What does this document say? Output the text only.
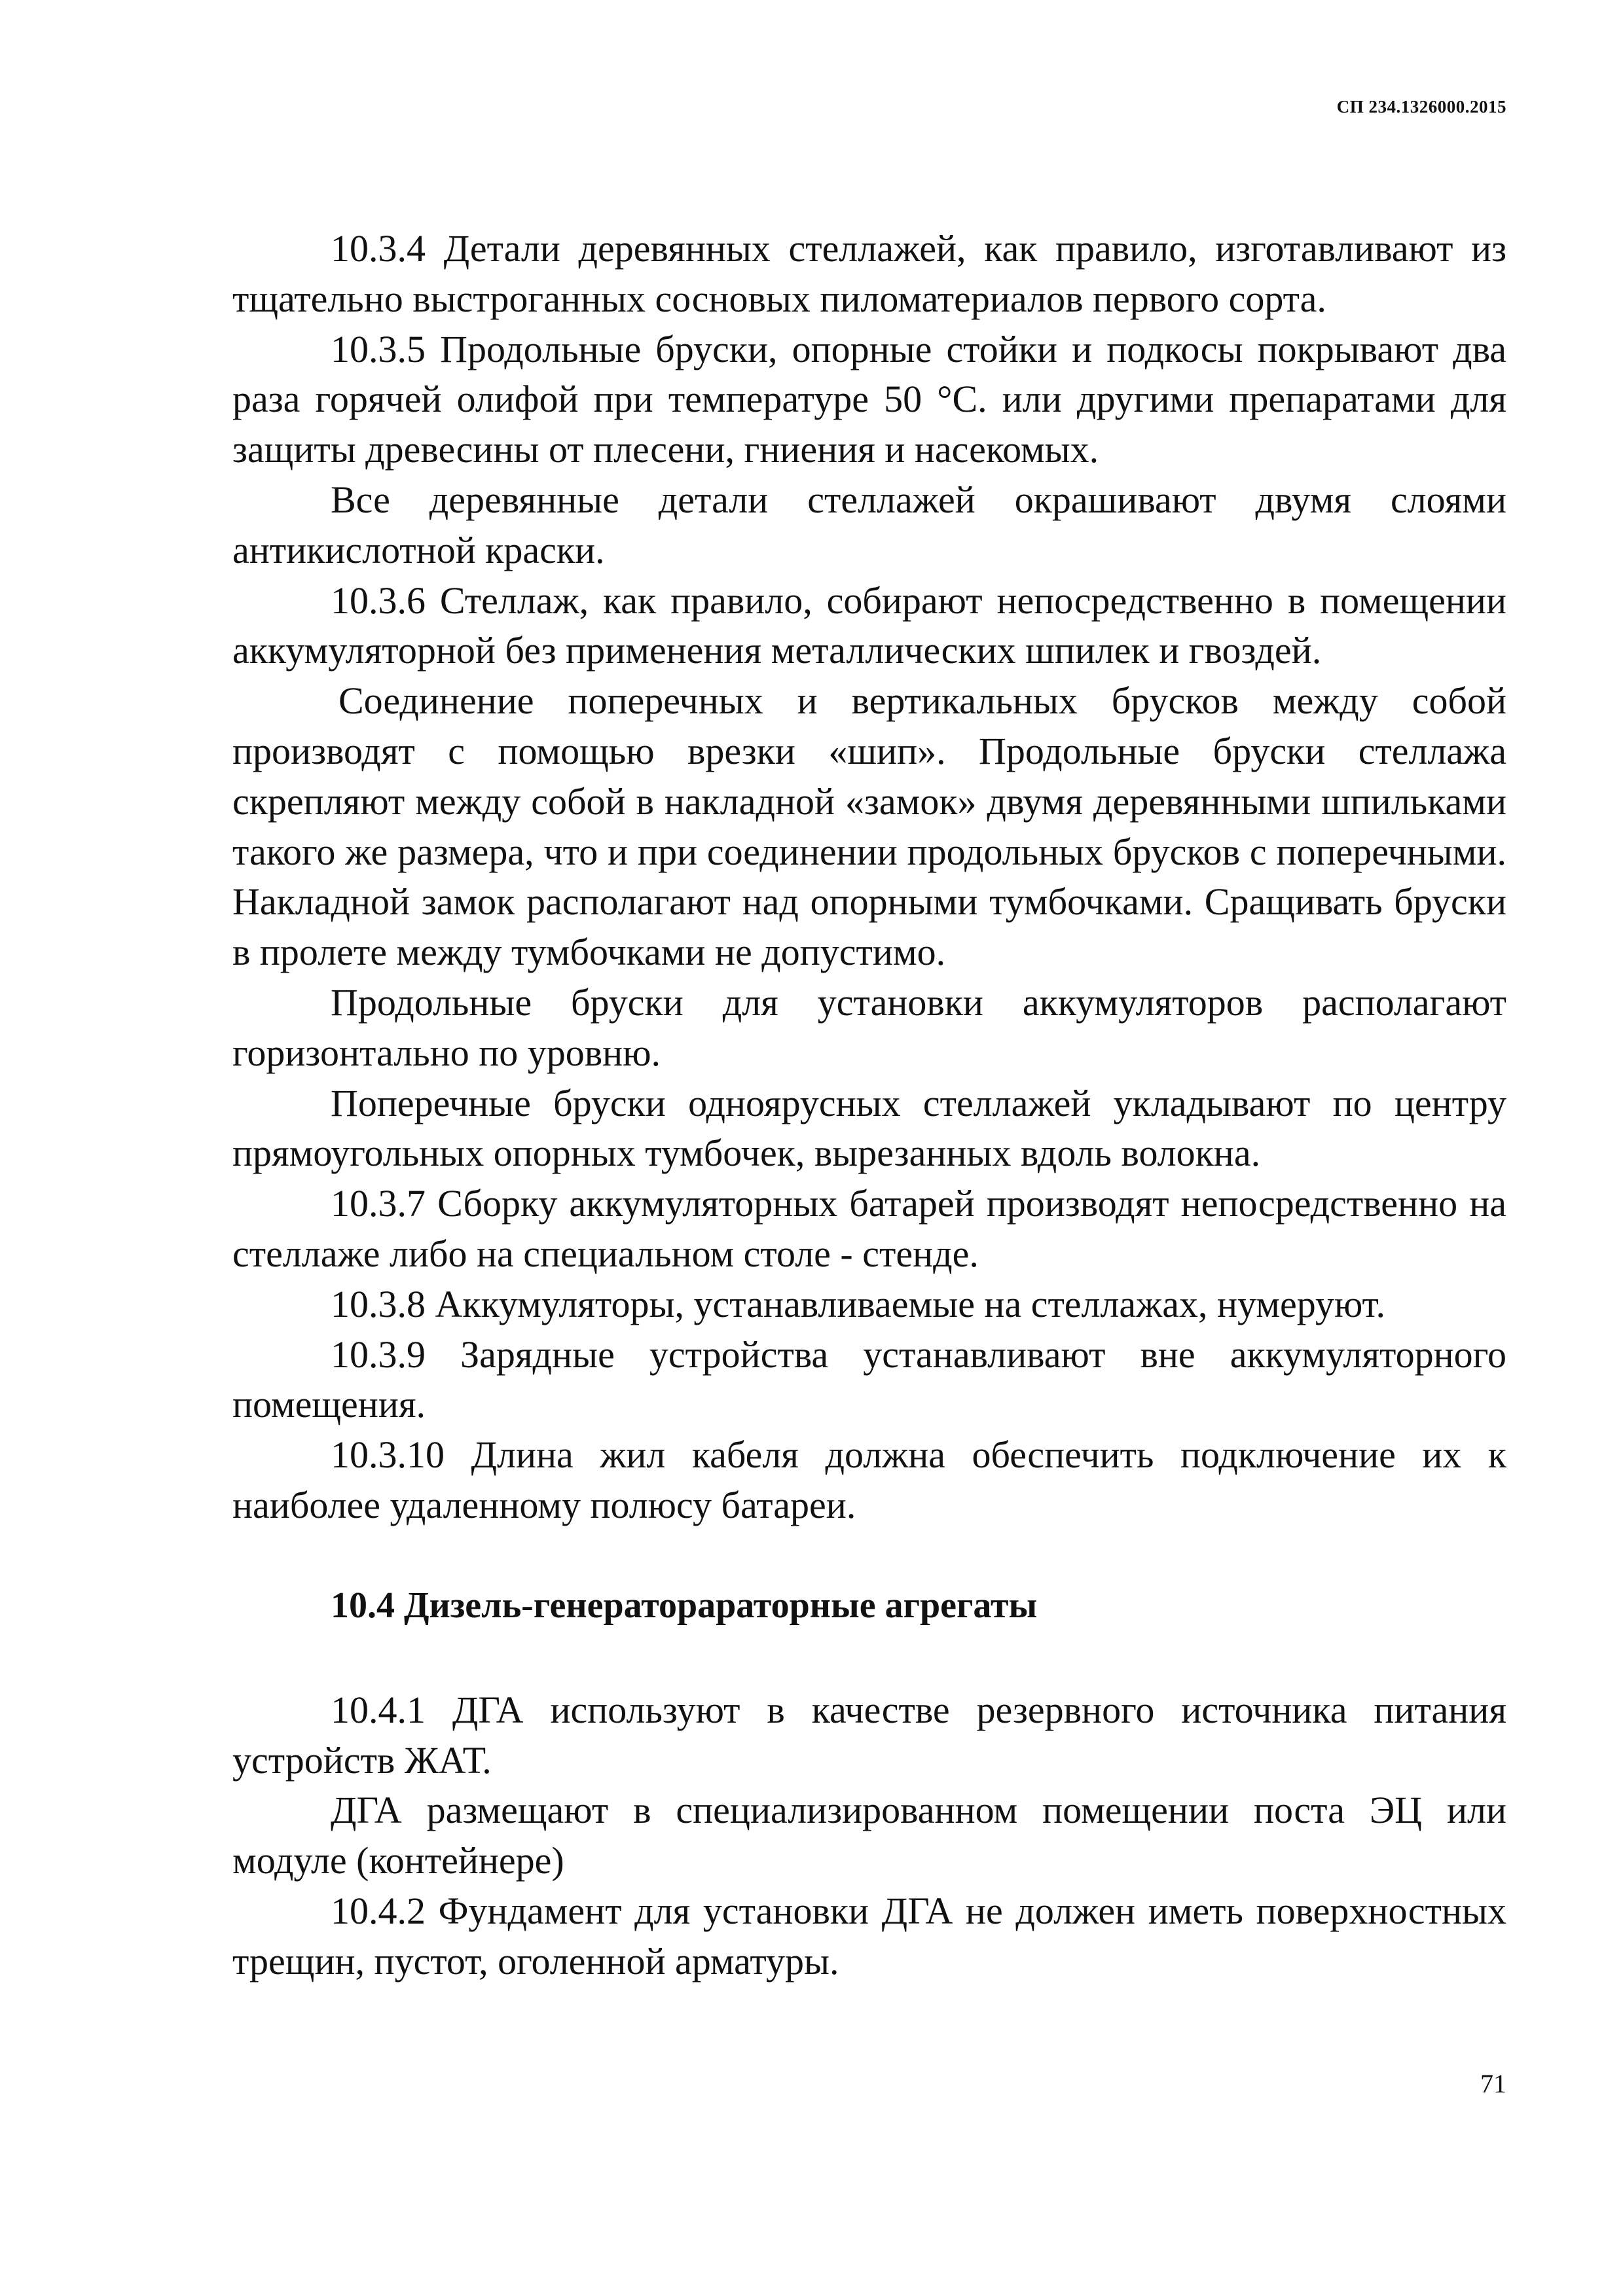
СП 234.1326000.2015

10.3.4 Детали деревянных стеллажей, как правило, изготавливают из тщательно выстроганных сосновых пиломатериалов первого сорта.

10.3.5 Продольные бруски, опорные стойки и подкосы покрывают два раза горячей олифой при температуре 50 °С. или другими препаратами для защиты древесины от плесени, гниения и насекомых.

Все деревянные детали стеллажей окрашивают двумя слоями антикислотной краски.

10.3.6 Стеллаж, как правило, собирают непосредственно в помещении аккумуляторной без применения металлических шпилек и гвоздей.

Соединение поперечных и вертикальных брусков между собой производят с помощью врезки «шип». Продольные бруски стеллажа скрепляют между собой в накладной «замок» двумя деревянными шпильками такого же размера, что и при соединении продольных брусков с поперечными. Накладной замок располагают над опорными тумбочками. Сращивать бруски в пролете между тумбочками не допустимо.

Продольные бруски для установки аккумуляторов располагают горизонтально по уровню.

Поперечные бруски одноярусных стеллажей укладывают по центру прямоугольных опорных тумбочек, вырезанных вдоль волокна.

10.3.7 Сборку аккумуляторных батарей производят непосредственно на стеллаже либо на специальном столе - стенде.

10.3.8 Аккумуляторы, устанавливаемые на стеллажах, нумеруют.

10.3.9 Зарядные устройства устанавливают вне аккумуляторного помещения.

10.3.10 Длина жил кабеля должна обеспечить подключение их к наиболее удаленному полюсу батареи.

10.4 Дизель-генераторараторные агрегаты

10.4.1 ДГА используют в качестве резервного источника питания устройств ЖАТ.

ДГА размещают в специализированном помещении поста ЭЦ или модуле (контейнере)

10.4.2 Фундамент для установки ДГА не должен иметь поверхностных трещин, пустот, оголенной арматуры.

71
